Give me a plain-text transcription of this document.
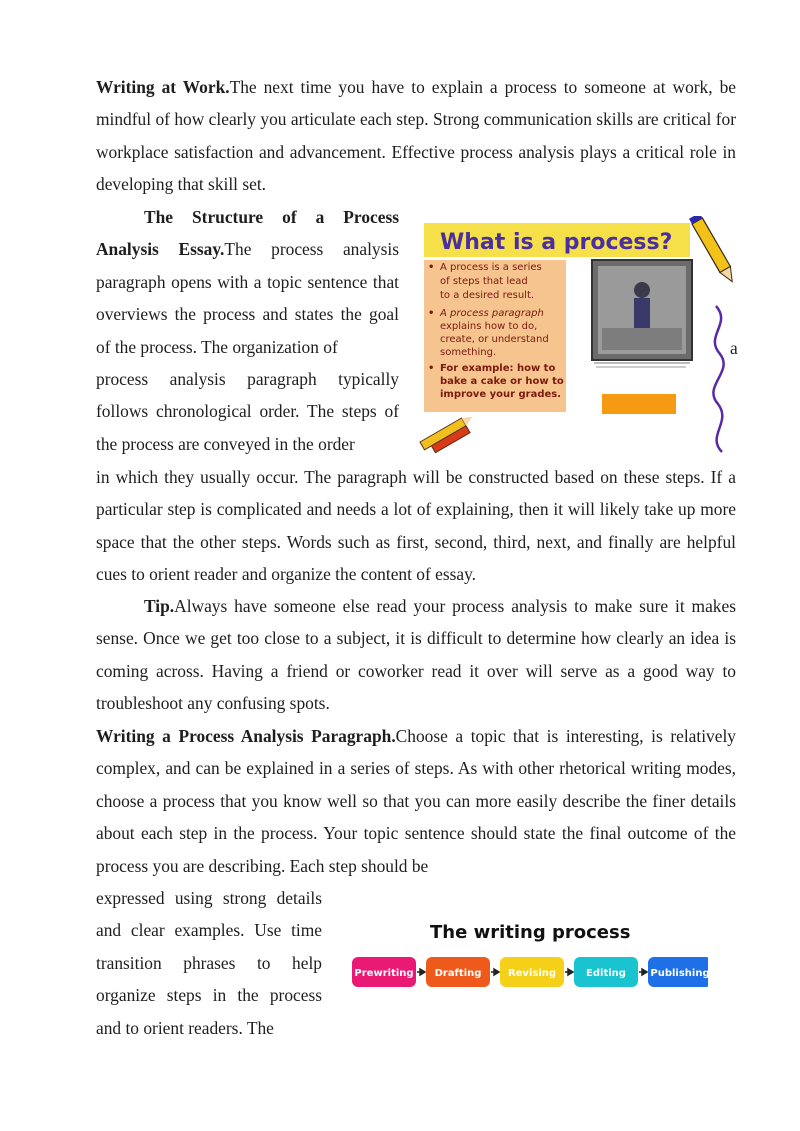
Writing at Work.The next time you have to explain a process to someone at work, be mindful of how clearly you articulate each step. Strong communication skills are critical for workplace satisfaction and advancement. Effective process analysis plays a critical role in developing that skill set.

The Structure of a Process Analysis Essay.The process analysis paragraph opens with a topic sentence that overviews the process and states the goal of the process. The organization of	a

process analysis paragraph typically follows chronological order. The steps of the process are conveyed in the order

What is a process?
• A process is a series of steps that lead to a desired result.
• A process paragraph explains how to do, create, or understand something.
• For example: how to bake a cake or how to improve your grades.

in which they usually occur. The paragraph will be constructed based on these steps. If a particular step is complicated and needs a lot of explaining, then it will likely take up more space that the other steps. Words such as first, second, third, next, and finally are helpful cues to orient reader and organize the content of essay.

Tip.Always have someone else read your process analysis to make sure it makes sense. Once we get too close to a subject, it is difficult to determine how clearly an idea is coming across. Having a friend or coworker read it over will serve as a good way to troubleshoot any confusing spots.

Writing a Process Analysis Paragraph.Choose a topic that is interesting, is relatively complex, and can be explained in a series of steps. As with other rhetorical writing modes, choose a process that you know well so that you can more easily describe the finer details about each step in the process. Your topic sentence should state the final outcome of the process you are describing. Each step should be

expressed using strong details and clear examples. Use time transition phrases to help organize steps in the process and to orient readers. The

The writing process
Prewriting Drafting	Revising	Editing Publishing
